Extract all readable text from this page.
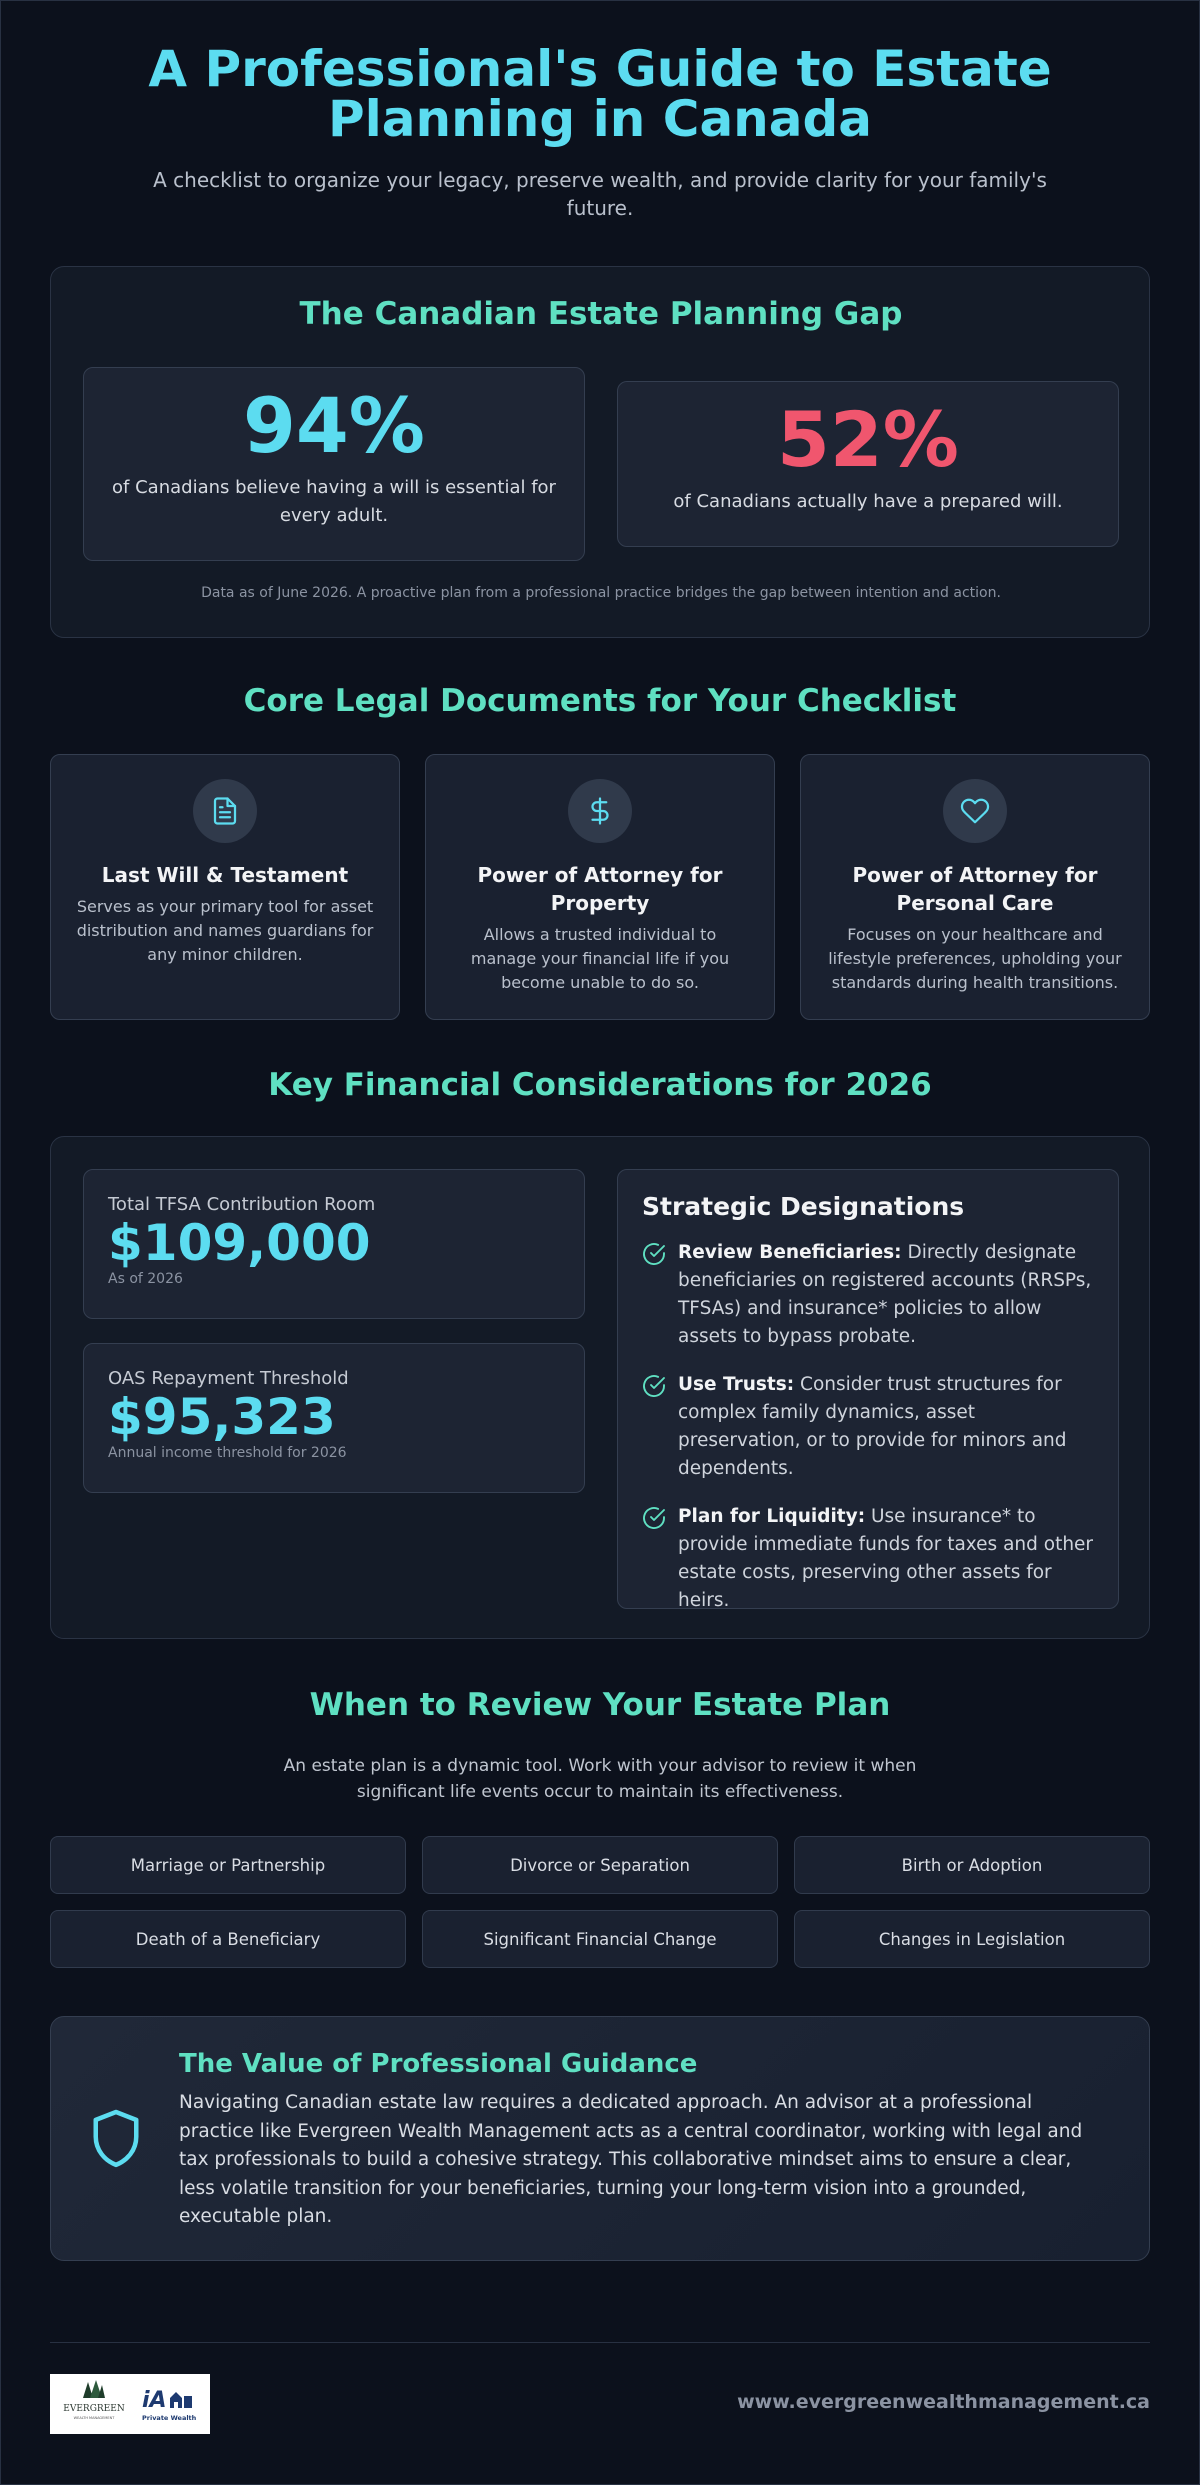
A Professional's Guide to Estate Planning in Canada

A checklist to organize your legacy, preserve wealth, and provide clarity for your family's future.

The Canadian Estate Planning Gap
94%
of Canadians believe having a will is essential for every adult.
52%
of Canadians actually have a prepared will.
Data as of June 2026. A proactive plan from a professional practice bridges the gap between intention and action.
Core Legal Documents for Your Checklist
Last Will & Testament

Serves as your primary tool for asset distribution and names guardians for any minor children.

Power of Attorney for Property

Allows a trusted individual to manage your financial life if you become unable to do so.

Power of Attorney for Personal Care

Focuses on your healthcare and lifestyle preferences, upholding your standards during health transitions.

Key Financial Considerations for 2026
Total TFSA Contribution Room
$109,000
As of 2026
OAS Repayment Threshold
$95,323
Annual income threshold for 2026
Strategic Designations
Review Beneficiaries: Directly designate beneficiaries on registered accounts (RRSPs, TFSAs) and insurance* policies to allow assets to bypass probate.
Use Trusts: Consider trust structures for complex family dynamics, asset preservation, or to provide for minors and dependents.
Plan for Liquidity: Use insurance* to provide immediate funds for taxes and other estate costs, preserving other assets for heirs.
When to Review Your Estate Plan

An estate plan is a dynamic tool. Work with your advisor to review it when significant life events occur to maintain its effectiveness.

Marriage or Partnership	Divorce or Separation	Birth or Adoption
Death of a Beneficiary	Significant Financial Change	Changes in Legislation
The Value of Professional Guidance

Navigating Canadian estate law requires a dedicated approach. An advisor at a professional practice like Evergreen Wealth Management acts as a central coordinator, working with legal and tax professionals to build a cohesive strategy. This collaborative mindset aims to ensure a clear, less volatile transition for your beneficiaries, turning your long-term vision into a grounded, executable plan.

EVERGREEN
WEALTH MANAGEMENT
iA
Private Wealth
www.evergreenwealthmanagement.ca
